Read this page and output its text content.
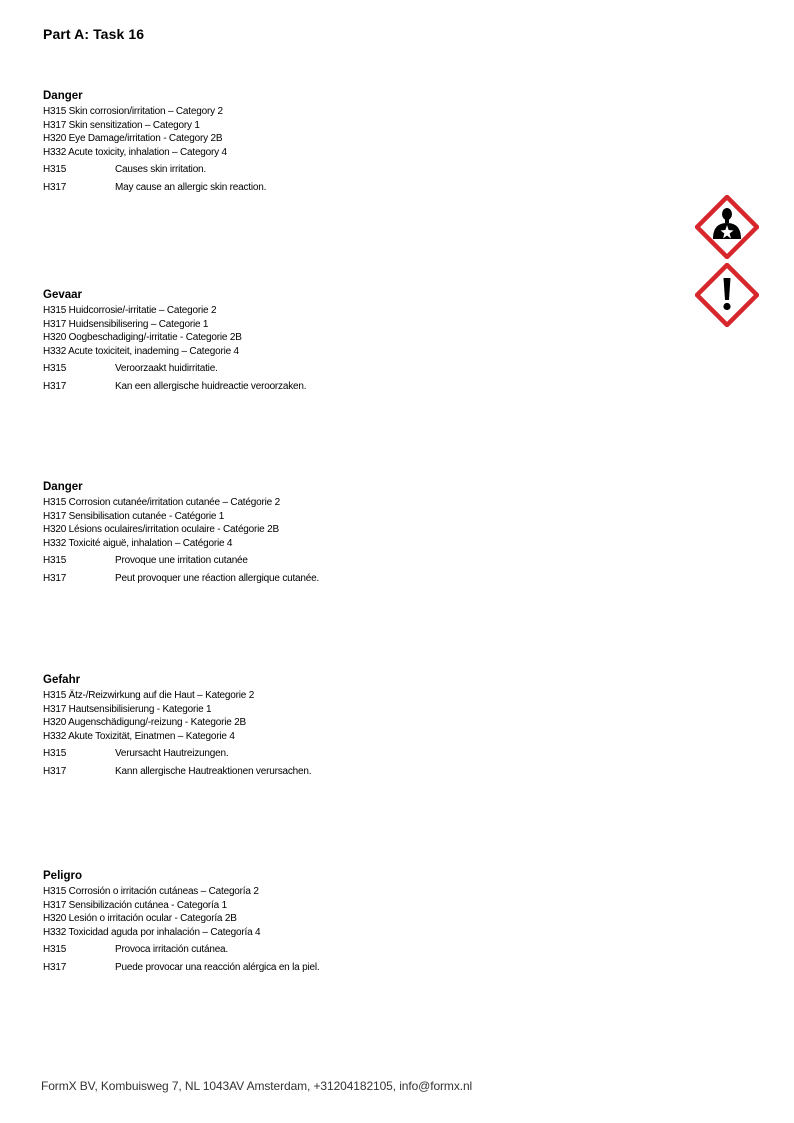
Part A: Task 16
Danger
H315 Skin corrosion/irritation – Category 2
H317 Skin sensitization – Category 1
H320 Eye Damage/irritation - Category 2B
H332 Acute toxicity, inhalation – Category 4
H315	Causes skin irritation.
H317	May cause an allergic skin reaction.
Gevaar
H315 Huidcorrosie/-irritatie – Categorie 2
H317 Huidsensibilisering – Categorie 1
H320 Oogbeschadiging/-irritatie - Categorie 2B
H332 Acute toxiciteit, inademing – Categorie 4
H315	Veroorzaakt huidirritatie.
H317	Kan een allergische huidreactie veroorzaken.
Danger
H315 Corrosion cutanée/irritation cutanée – Catégorie 2
H317 Sensibilisation cutanée - Catégorie 1
H320 Lésions oculaires/irritation oculaire - Catégorie 2B
H332 Toxicité aiguë, inhalation – Catégorie 4
H315	Provoque une irritation cutanée
H317	Peut provoquer une réaction allergique cutanée.
Gefahr
H315 Ätz-/Reizwirkung auf die Haut – Kategorie 2
H317 Hautsensibilisierung - Kategorie 1
H320 Augenschädigung/-reizung - Kategorie 2B
H332 Akute Toxizität, Einatmen – Kategorie 4
H315	Verursacht Hautreizungen.
H317	Kann allergische Hautreaktionen verursachen.
Peligro
H315 Corrosión o irritación cutáneas – Categoría 2
H317 Sensibilización cutánea - Categoría 1
H320 Lesión o irritación ocular - Categoría 2B
H332 Toxicidad aguda por inhalación – Categoría 4
H315	Provoca irritación cutánea.
H317	Puede provocar una reacción alérgica en la piel.
FormX BV, Kombuisweg 7, NL 1043AV Amsterdam, +31204182105, info@formx.nl
